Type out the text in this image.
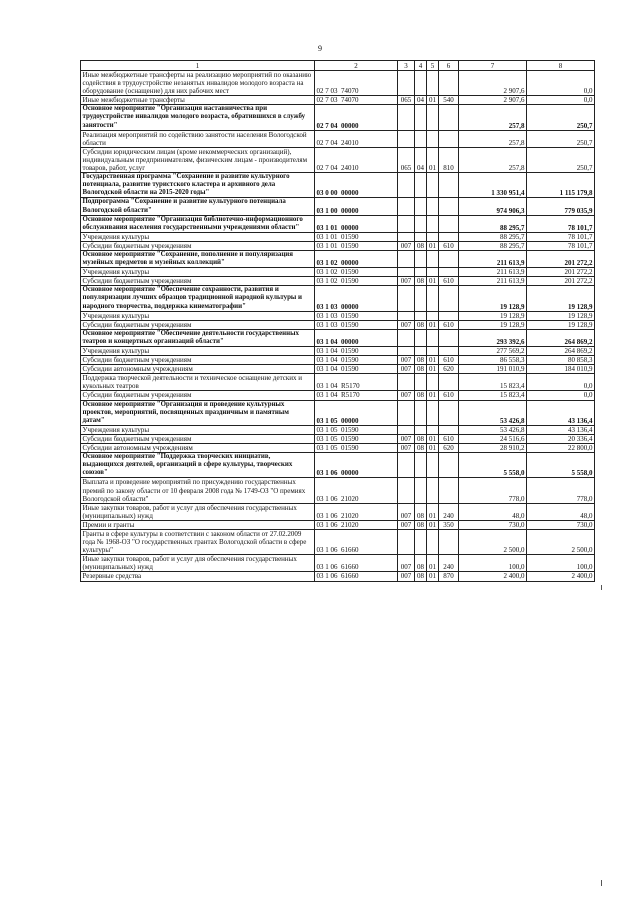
9
1	2	3	4	5	6	7	8
Иные межбюджетные трансферты на реализацию мероприятий по оказанию содействия в трудоустройстве незанятых инвалидов молодого возраста на оборудование (оснащение) для них рабочих мест	02 7 03  74070					2 907,6	0,0
Иные межбюджетные трансферты	02 7 03  74070	065	04	01	540	2 907,6	0,0
Основное мероприятие "Организация наставничества при трудоустройстве инвалидов молодого возраста, обратившихся в службу занятости"	02 7 04  00000					257,8	250,7
Реализация мероприятий по содействию занятости населения Вологодской области	02 7 04  24010					257,8	250,7
Субсидии юридическим лицам (кроме некоммерческих организаций), индивидуальным предпринимателям, физическим лицам - производителям товаров, работ, услуг	02 7 04  24010	065	04	01	810	257,8	250,7
Государственная программа "Сохранение и развитие культурного потенциала, развитие туристского кластера и архивного дела Вологодской области на 2015-2020 годы"	03 0 00  00000					1 330 951,4	1 115 179,8
Подпрограмма "Сохранение и развитие культурного потенциала Вологодской области"	03 1 00  00000					974 906,3	779 035,9
Основное мероприятие "Организация библиотечно-информационного обслуживания населения государственными учреждениями области"	03 1 01  00000					88 295,7	78 101,7
Учреждения культуры	03 1 01  01590					88 295,7	78 101,7
Субсидии бюджетным учреждениям	03 1 01  01590	007	08	01	610	88 295,7	78 101,7
Основное мероприятие "Сохранение, пополнение и популяризация музейных предметов и музейных коллекций"	03 1 02  00000					211 613,9	201 272,2
Учреждения культуры	03 1 02  01590					211 613,9	201 272,2
Субсидии бюджетным учреждениям	03 1 02  01590	007	08	01	610	211 613,9	201 272,2
Основное мероприятие "Обеспечение сохранности, развития и популяризации лучших образцов традиционной народной культуры и народного творчества, поддержка кинематографии"	03 1 03  00000					19 128,9	19 128,9
Учреждения культуры	03 1 03  01590					19 128,9	19 128,9
Субсидии бюджетным учреждениям	03 1 03  01590	007	08	01	610	19 128,9	19 128,9
Основное мероприятие "Обеспечение деятельности государственных театров и концертных организаций области"	03 1 04  00000					293 392,6	264 869,2
Учреждения культуры	03 1 04  01590					277 569,2	264 869,2
Субсидии бюджетным учреждениям	03 1 04  01590	007	08	01	610	86 558,3	80 858,3
Субсидии автономным учреждениям	03 1 04  01590	007	08	01	620	191 010,9	184 010,9
Поддержка творческой деятельности и техническое оснащение детских и кукольных театров	03 1 04  R5170					15 823,4	0,0
Субсидии бюджетным учреждениям	03 1 04  R5170	007	08	01	610	15 823,4	0,0
Основное мероприятие "Организация и проведение культурных проектов, мероприятий, посвященных праздничным и памятным датам"	03 1 05  00000					53 426,8	43 136,4
Учреждения культуры	03 1 05  01590					53 426,8	43 136,4
Субсидии бюджетным учреждениям	03 1 05  01590	007	08	01	610	24 516,6	20 336,4
Субсидии автономным учреждениям	03 1 05  01590	007	08	01	620	28 910,2	22 800,0
Основное мероприятие "Поддержка творческих инициатив, выдающихся деятелей, организаций в сфере культуры, творческих союзов"	03 1 06  00000					5 558,0	5 558,0
Выплата и проведение мероприятий по присуждению государственных премий по закону области от 10 февраля 2008 года № 1749-ОЗ "О премиях Вологодской области"	03 1 06  21020					778,0	778,0
Иные закупки товаров, работ и услуг для обеспечения государственных (муниципальных) нужд	03 1 06  21020	007	08	01	240	48,0	48,0
Премии и гранты	03 1 06  21020	007	08	01	350	730,0	730,0
Гранты в сфере культуры в соответствии с законом области от 27.02.2009 года № 1968-ОЗ "О государственных грантах Вологодской области в сфере культуры"	03 1 06  61660					2 500,0	2 500,0
Иные закупки товаров, работ и услуг для обеспечения государственных (муниципальных) нужд	03 1 06  61660	007	08	01	240	100,0	100,0
Резервные средства	03 1 06  61660	007	08	01	870	2 400,0	2 400,0
